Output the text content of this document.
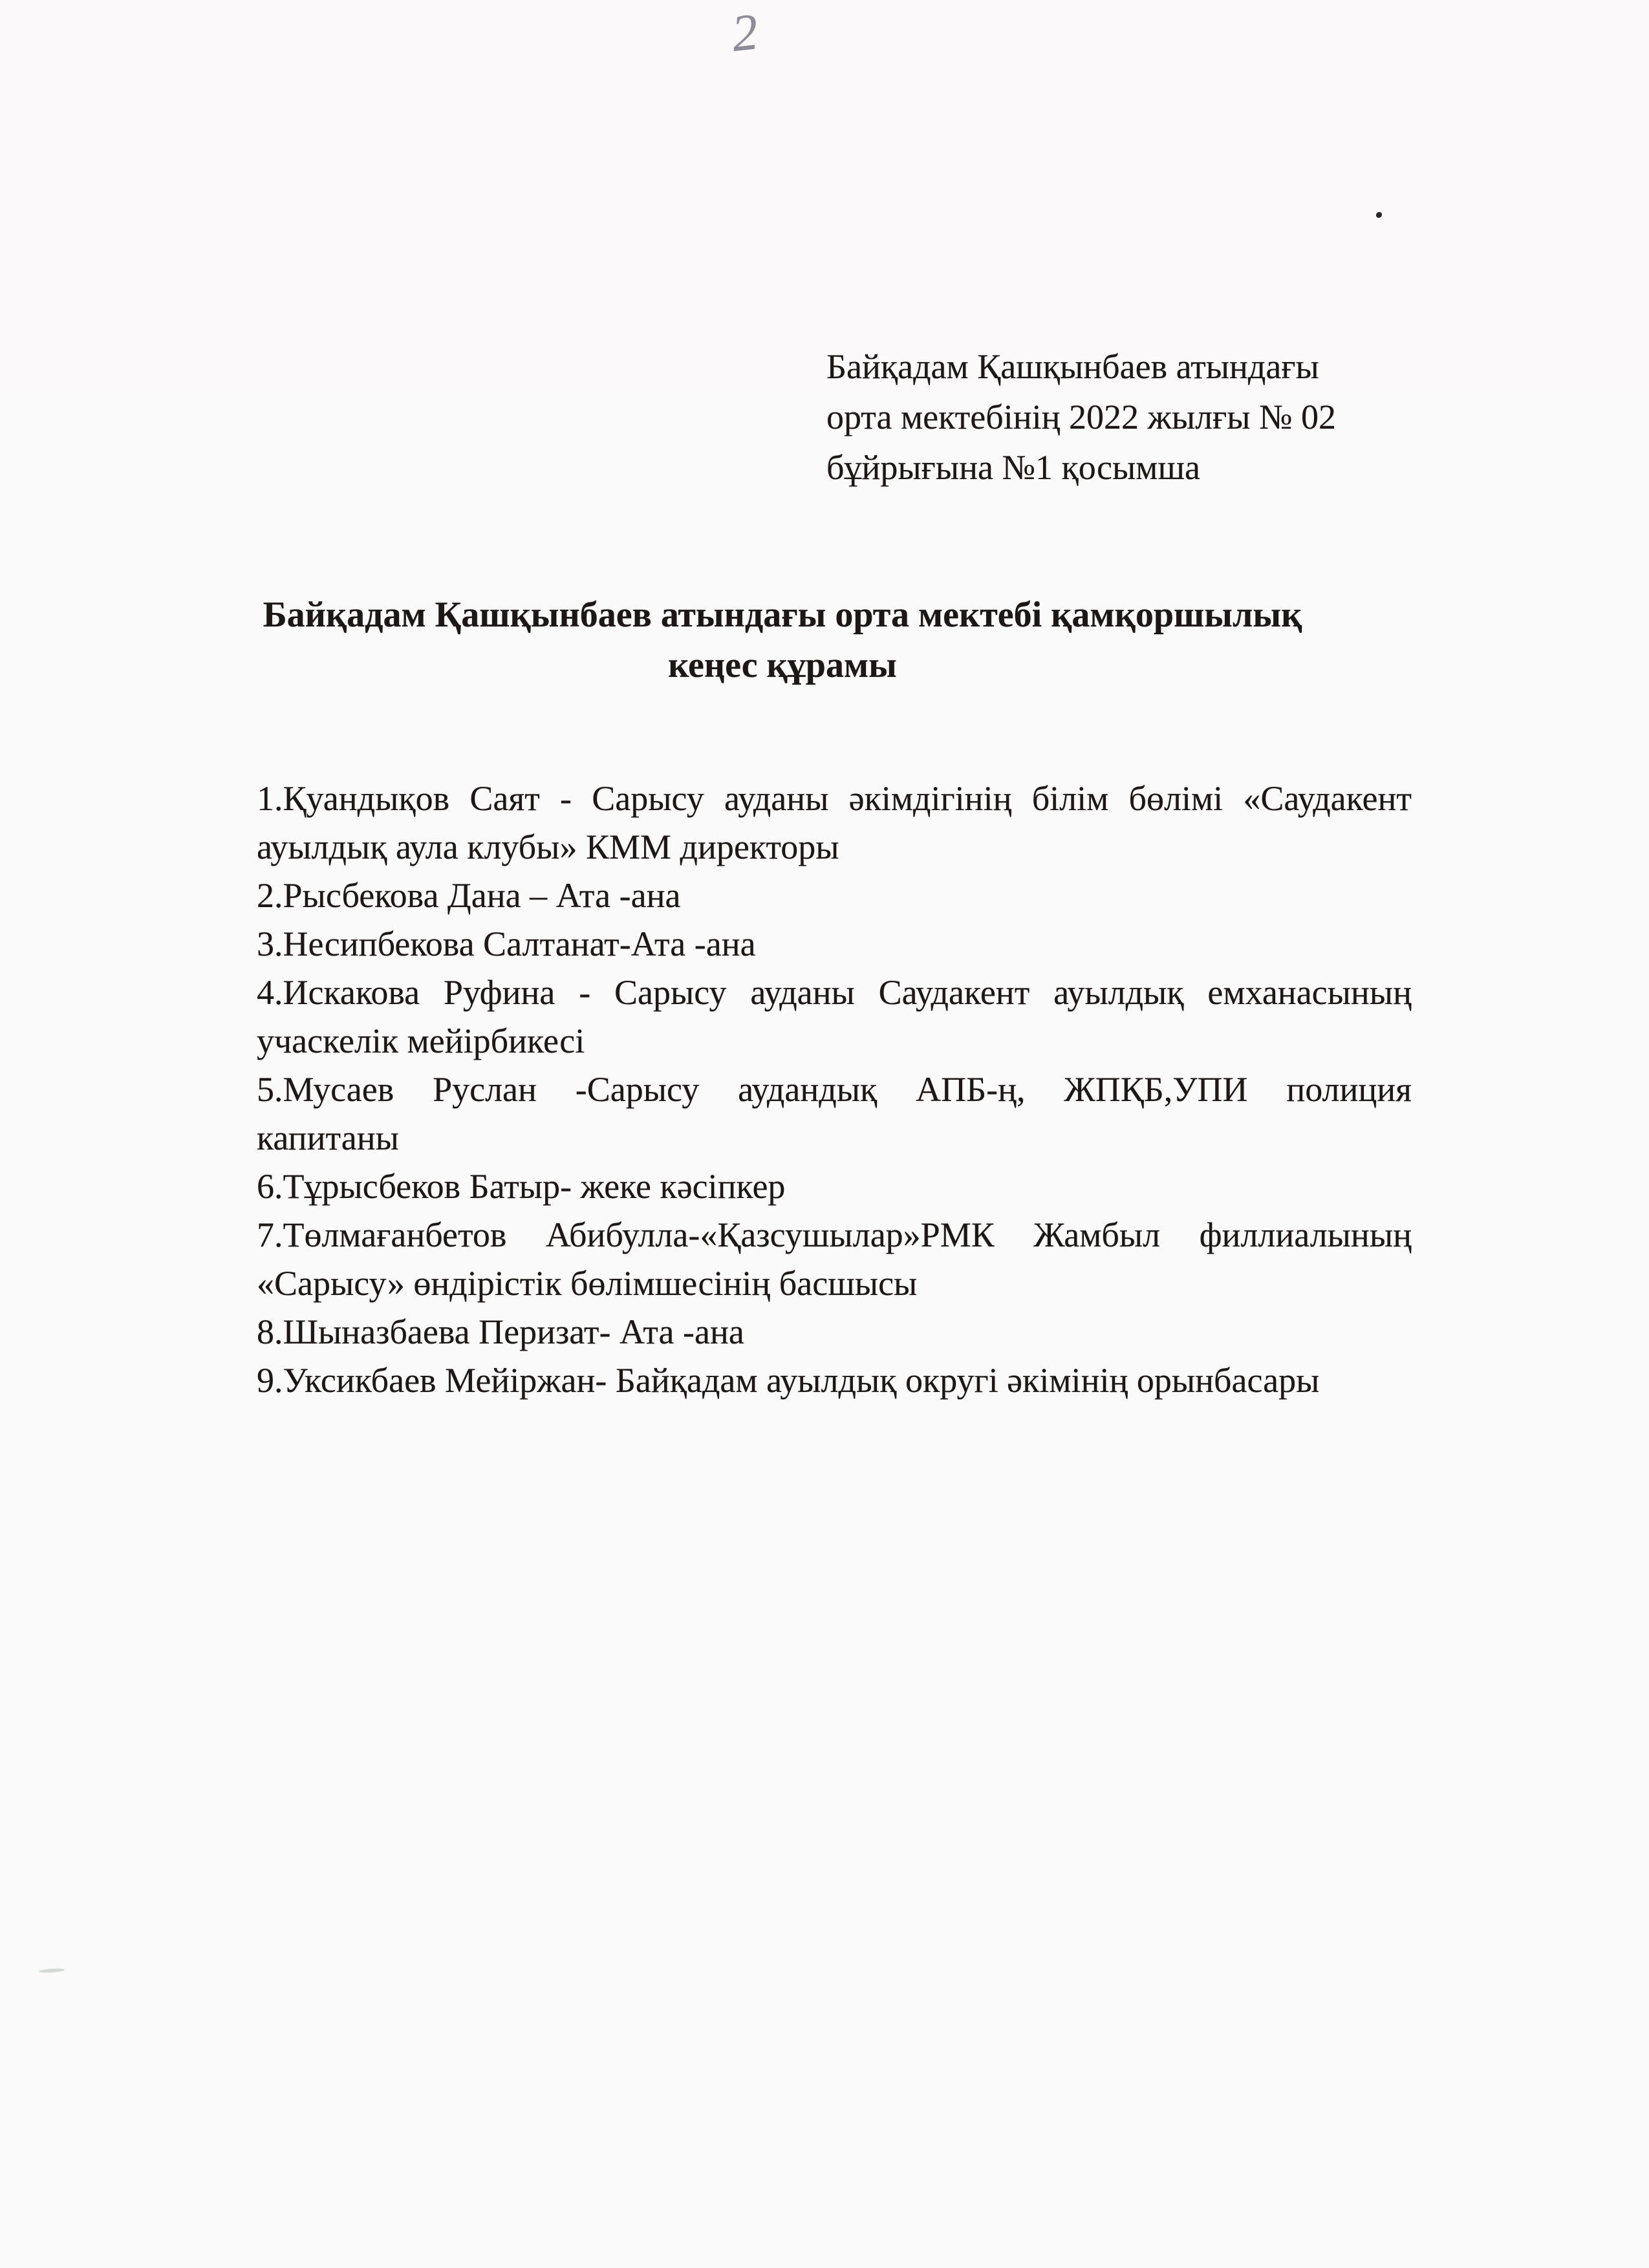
2
Байқадам Қашқынбаев атындағы
орта мектебінің 2022 жылғы № 02
бұйрығына №1 қосымша
Байқадам Қашқынбаев атындағы орта мектебі қамқоршылық
кеңес құрамы

1.Қуандықов Саят - Сарысу ауданы әкімдігінің білім бөлімі «Саудакент
ауылдық аула клубы» КММ директоры

2.Рысбекова Дана – Ата -ана

3.Несипбекова Салтанат-Ата -ана

4.Искакова Руфина - Сарысу ауданы Саудакент ауылдық емханасының
учаскелік мейірбикесі

5.Мусаев Руслан -Сарысу аудандық АПБ-ң, ЖПҚБ,УПИ полиция
капитаны

6.Тұрысбеков Батыр- жеке кәсіпкер

7.Төлмағанбетов Абибулла-«Қазсушылар»РМК Жамбыл филлиалының
«Сарысу» өндірістік бөлімшесінің басшысы

8.Шыназбаева Перизат- Ата -ана

9.Уксикбаев Мейіржан- Байқадам ауылдық округі әкімінің орынбасары
